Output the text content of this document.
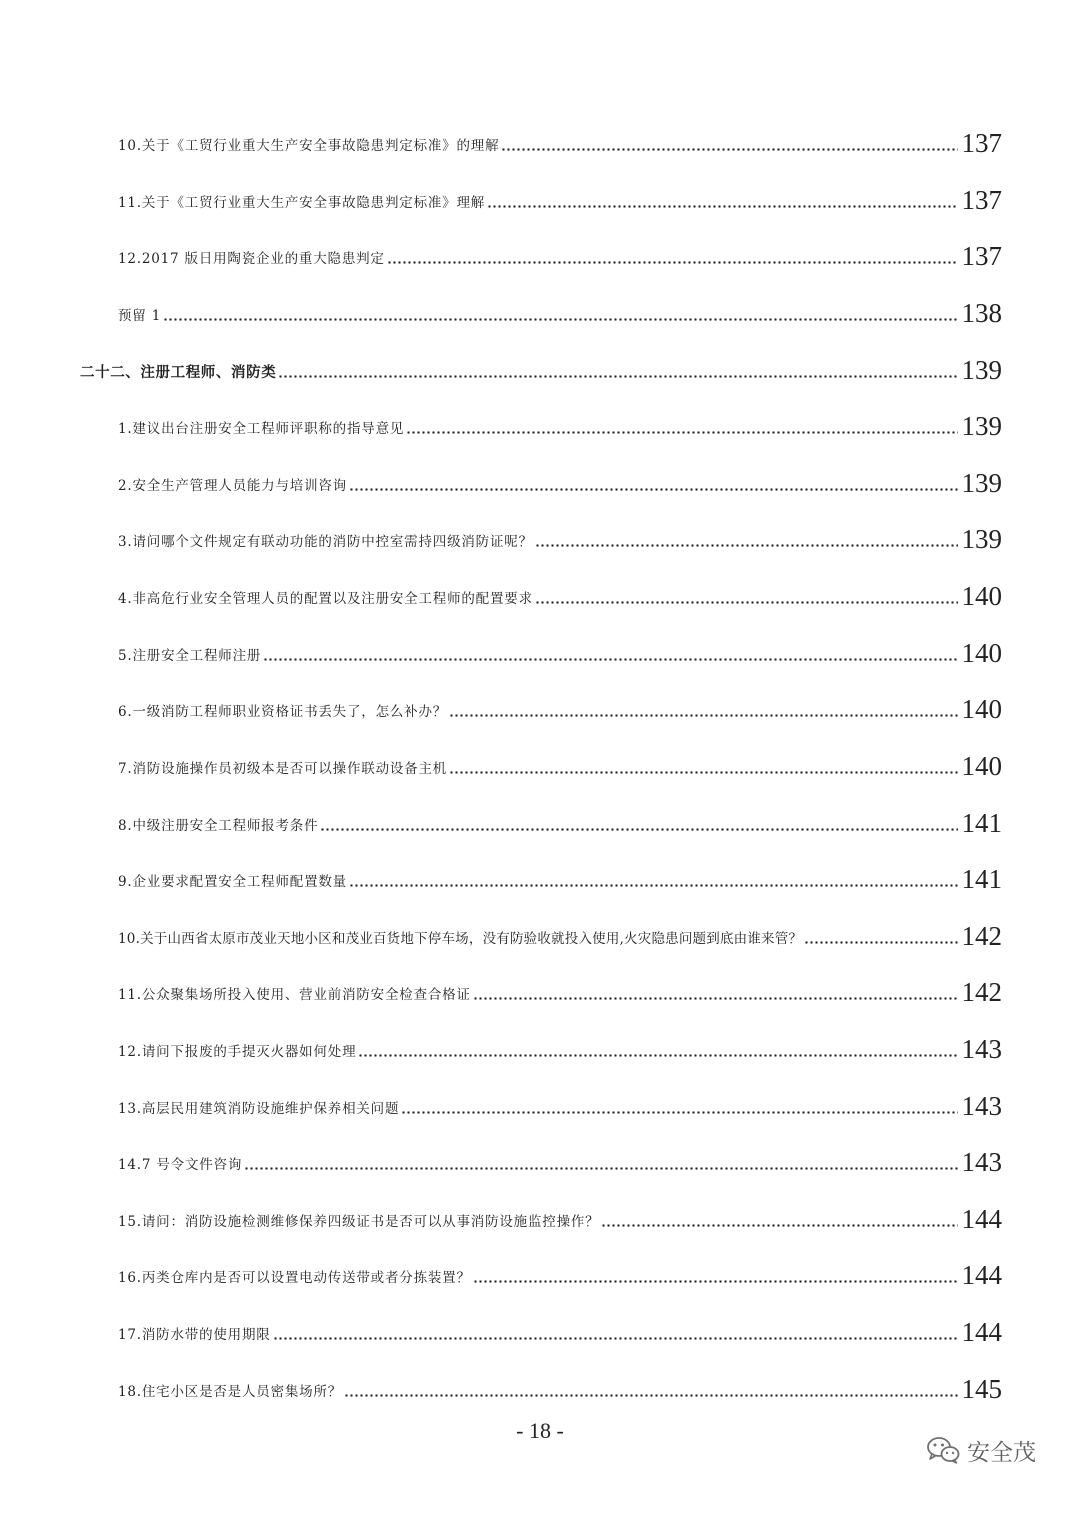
10.关于《工贸行业重大生产安全事故隐患判定标准》的理解	137
11.关于《工贸行业重大生产安全事故隐患判定标准》理解	137
12.2017 版日用陶瓷企业的重大隐患判定	137
预留 1	138
二十二、注册工程师、消防类	139
1.建议出台注册安全工程师评职称的指导意见	139
2.安全生产管理人员能力与培训咨询	139
3.请问哪个文件规定有联动功能的消防中控室需持四级消防证呢？	139
4.非高危行业安全管理人员的配置以及注册安全工程师的配置要求	140
5.注册安全工程师注册	140
6.一级消防工程师职业资格证书丢失了，怎么补办？	140
7.消防设施操作员初级本是否可以操作联动设备主机	140
8.中级注册安全工程师报考条件	141
9.企业要求配置安全工程师配置数量	141
10.关于山西省太原市茂业天地小区和茂业百货地下停车场，没有防验收就投入使用,火灾隐患问题到底由谁来管？	142
11.公众聚集场所投入使用、营业前消防安全检查合格证	142
12.请问下报废的手提灭火器如何处理	143
13.高层民用建筑消防设施维护保养相关问题	143
14.7 号令文件咨询	143
15.请问：消防设施检测维修保养四级证书是否可以从事消防设施监控操作？	144
16.丙类仓库内是否可以设置电动传送带或者分拣装置？	144
17.消防水带的使用期限	144
18.住宅小区是否是人员密集场所？	145
- 18 -
安全茂
